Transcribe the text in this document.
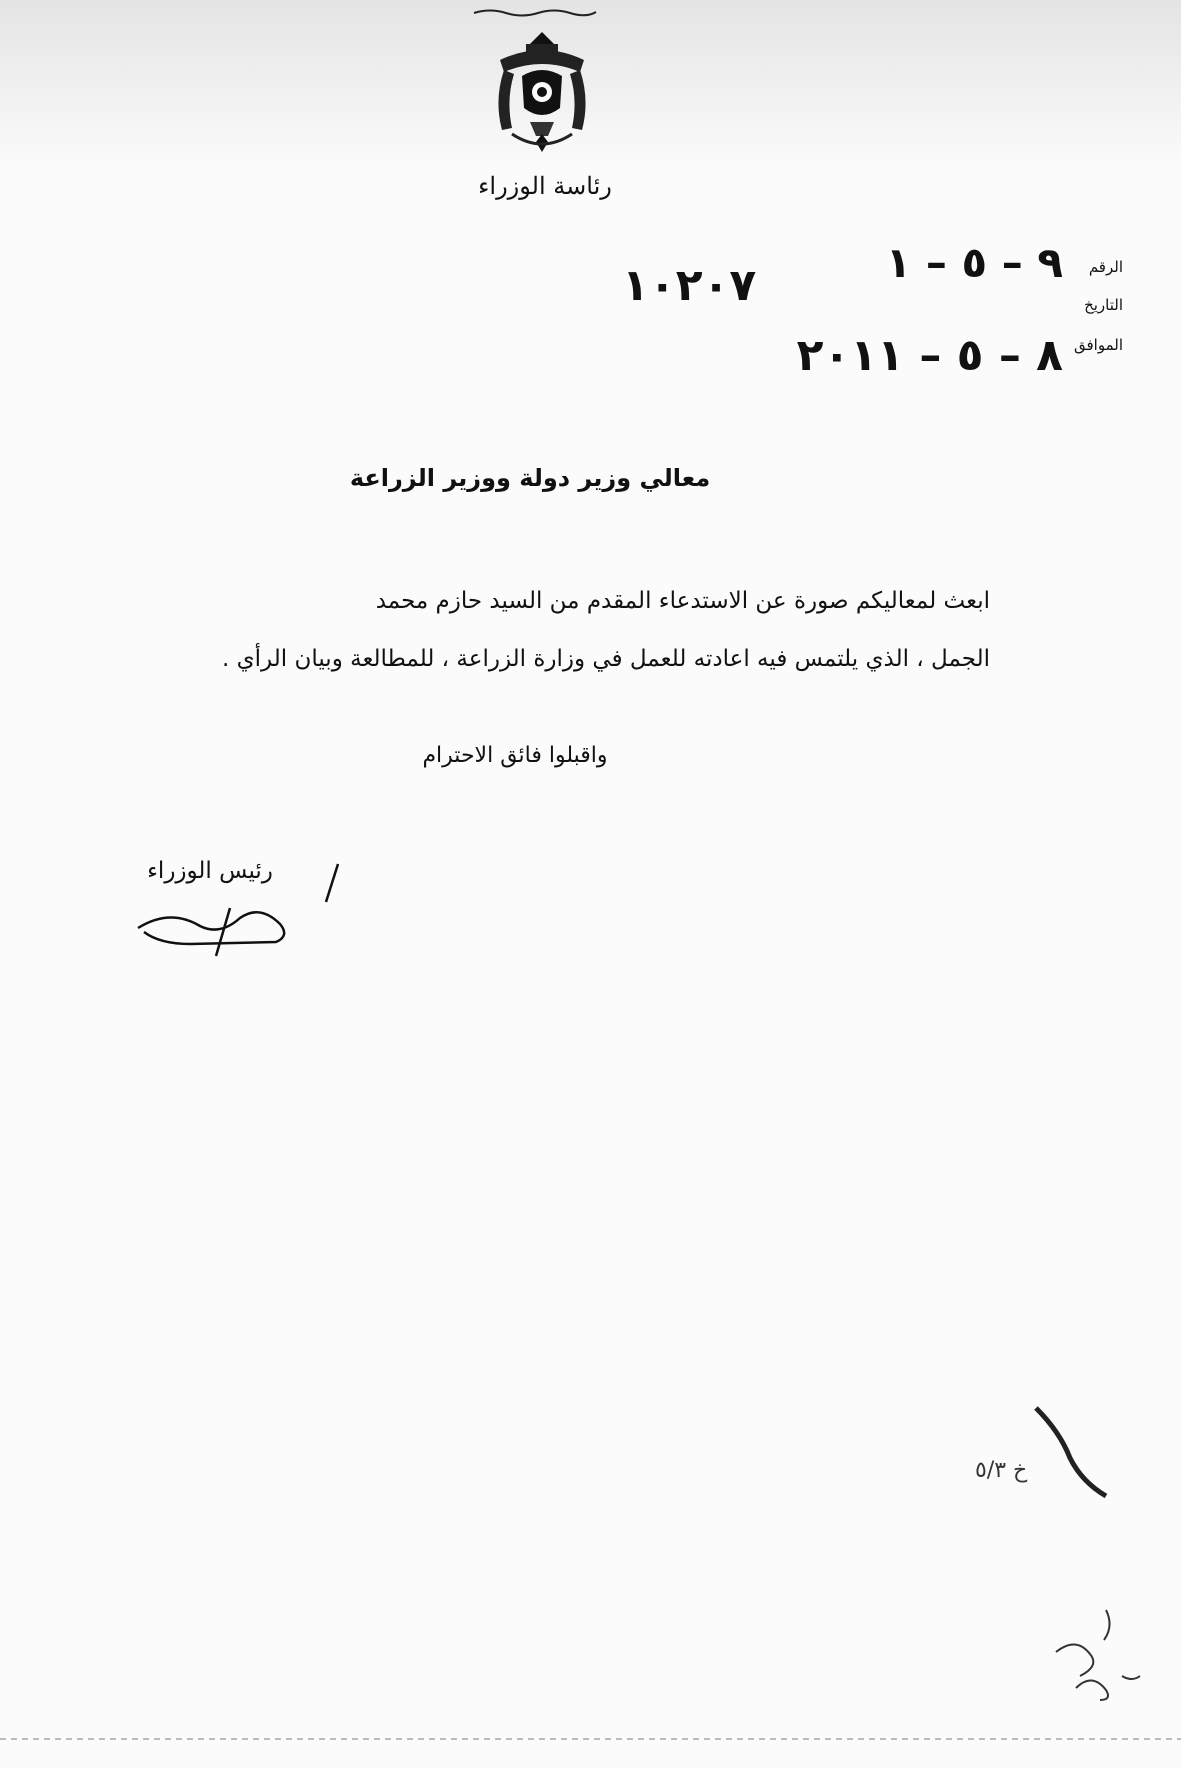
رئاسة الوزراء
الرقم
التاريخ
الموافق
٩ – ٥ – ١
١٠٢٠٧
٨ – ٥ – ٢٠١١
معالي وزير دولة ووزير الزراعة
ابعث لمعاليكم صورة عن الاستدعاء المقدم من السيد حازم محمد
الجمل ، الذي يلتمس فيه اعادته للعمل في وزارة الزراعة ، للمطالعة وبيان الرأي .
واقبلوا فائق الاحترام
رئيس الوزراء
خ ٥/٣
